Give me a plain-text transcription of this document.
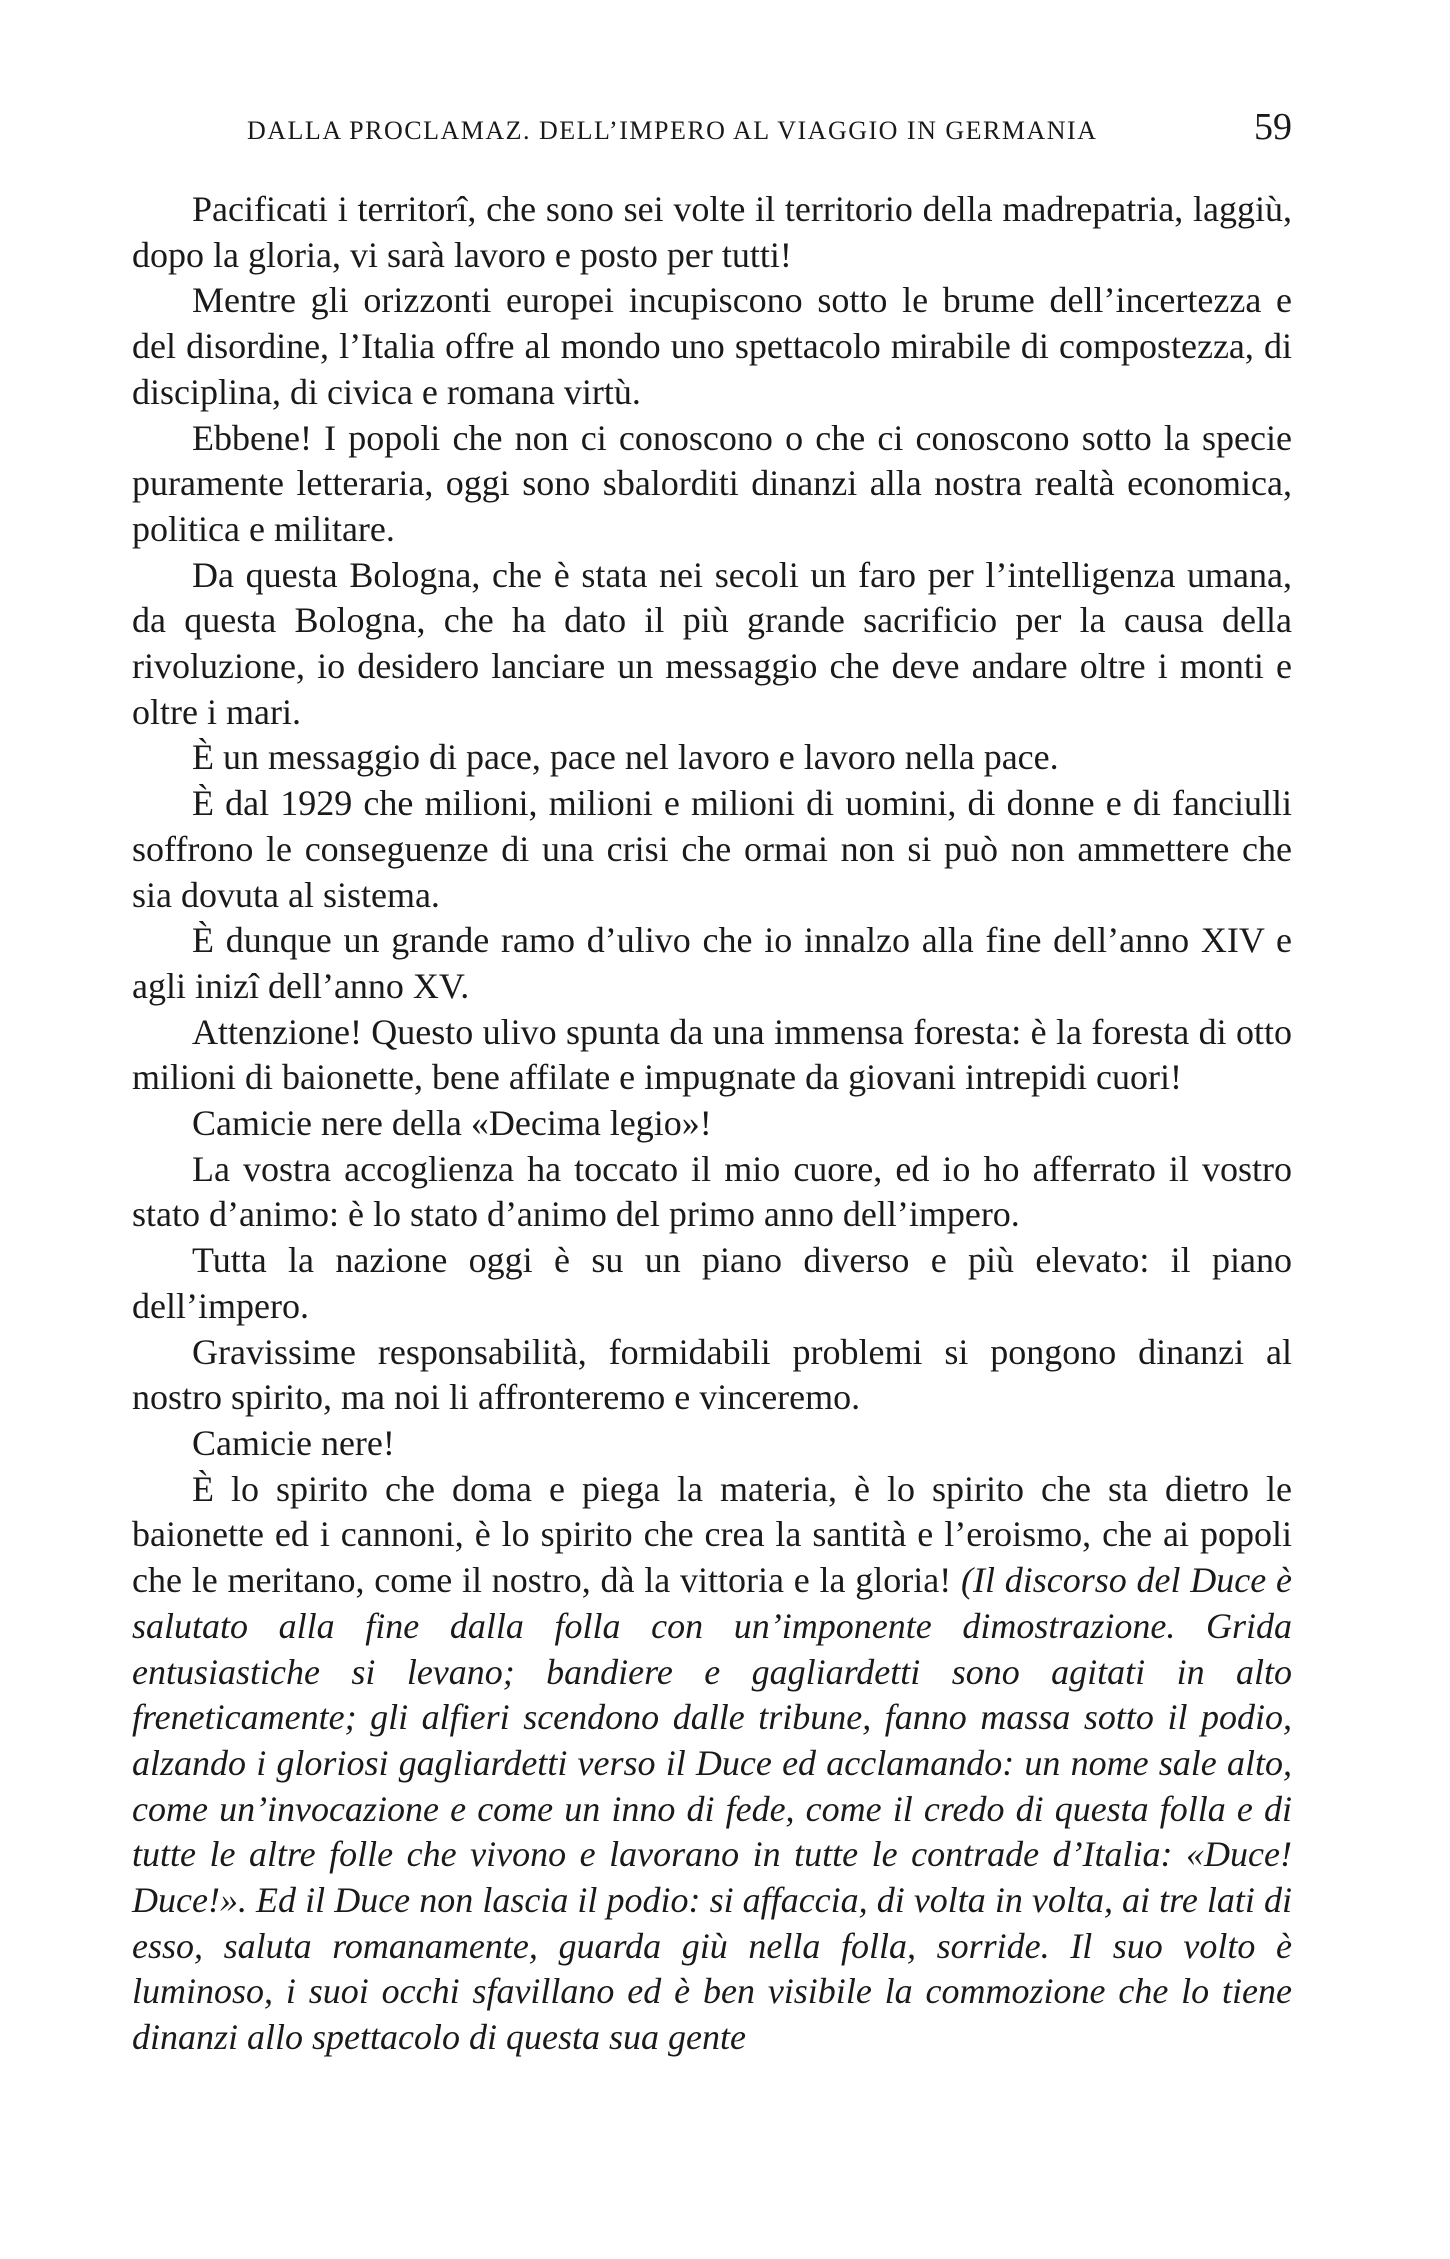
DALLA PROCLAMAZ. DELL’IMPERO AL VIAGGIO IN GERMANIA	59

Pacificati i territorî, che sono sei volte il territorio della madrepatria, laggiù, dopo la gloria, vi sarà lavoro e posto per tutti!

Mentre gli orizzonti europei incupiscono sotto le brume dell’incertezza e del disordine, l’Italia offre al mondo uno spettacolo mirabile di compostezza, di disciplina, di civica e romana virtù.

Ebbene! I popoli che non ci conoscono o che ci conoscono sotto la specie puramente letteraria, oggi sono sbalorditi dinanzi alla nostra realtà economica, politica e militare.

Da questa Bologna, che è stata nei secoli un faro per l’intelligenza umana, da questa Bologna, che ha dato il più grande sacrificio per la causa della rivoluzione, io desidero lanciare un messaggio che deve andare oltre i monti e oltre i mari.

È un messaggio di pace, pace nel lavoro e lavoro nella pace.

È dal 1929 che milioni, milioni e milioni di uomini, di donne e di fanciulli soffrono le conseguenze di una crisi che ormai non si può non ammettere che sia dovuta al sistema.

È dunque un grande ramo d’ulivo che io innalzo alla fine dell’anno XIV e agli inizî dell’anno XV.

Attenzione! Questo ulivo spunta da una immensa foresta: è la foresta di otto milioni di baionette, bene affilate e impugnate da giovani intrepidi cuori!

Camicie nere della «Decima legio»!

La vostra accoglienza ha toccato il mio cuore, ed io ho afferrato il vostro stato d’animo: è lo stato d’animo del primo anno dell’impero.

Tutta la nazione oggi è su un piano diverso e più elevato: il piano dell’impero.

Gravissime responsabilità, formidabili problemi si pongono dinanzi al nostro spirito, ma noi li affronteremo e vinceremo.

Camicie nere!

È lo spirito che doma e piega la materia, è lo spirito che sta dietro le baionette ed i cannoni, è lo spirito che crea la santità e l’eroismo, che ai popoli che le meritano, come il nostro, dà la vittoria e la gloria! (Il discorso del Duce è salutato alla fine dalla folla con un’imponente dimostrazione. Grida entusiastiche si levano; bandiere e gagliardetti sono agitati in alto freneticamente; gli alfieri scendono dalle tribune, fanno massa sotto il podio, alzando i gloriosi gagliardetti verso il Duce ed acclamando: un nome sale alto, come un’invocazione e come un inno di fede, come il credo di questa folla e di tutte le altre folle che vivono e lavorano in tutte le contrade d’Italia: «Duce! Duce!». Ed il Duce non lascia il podio: si affaccia, di volta in volta, ai tre lati di esso, saluta romanamente, guarda giù nella folla, sorride. Il suo volto è luminoso, i suoi occhi sfavillano ed è ben visibile la commozione che lo tiene dinanzi allo spettacolo di questa sua gente
